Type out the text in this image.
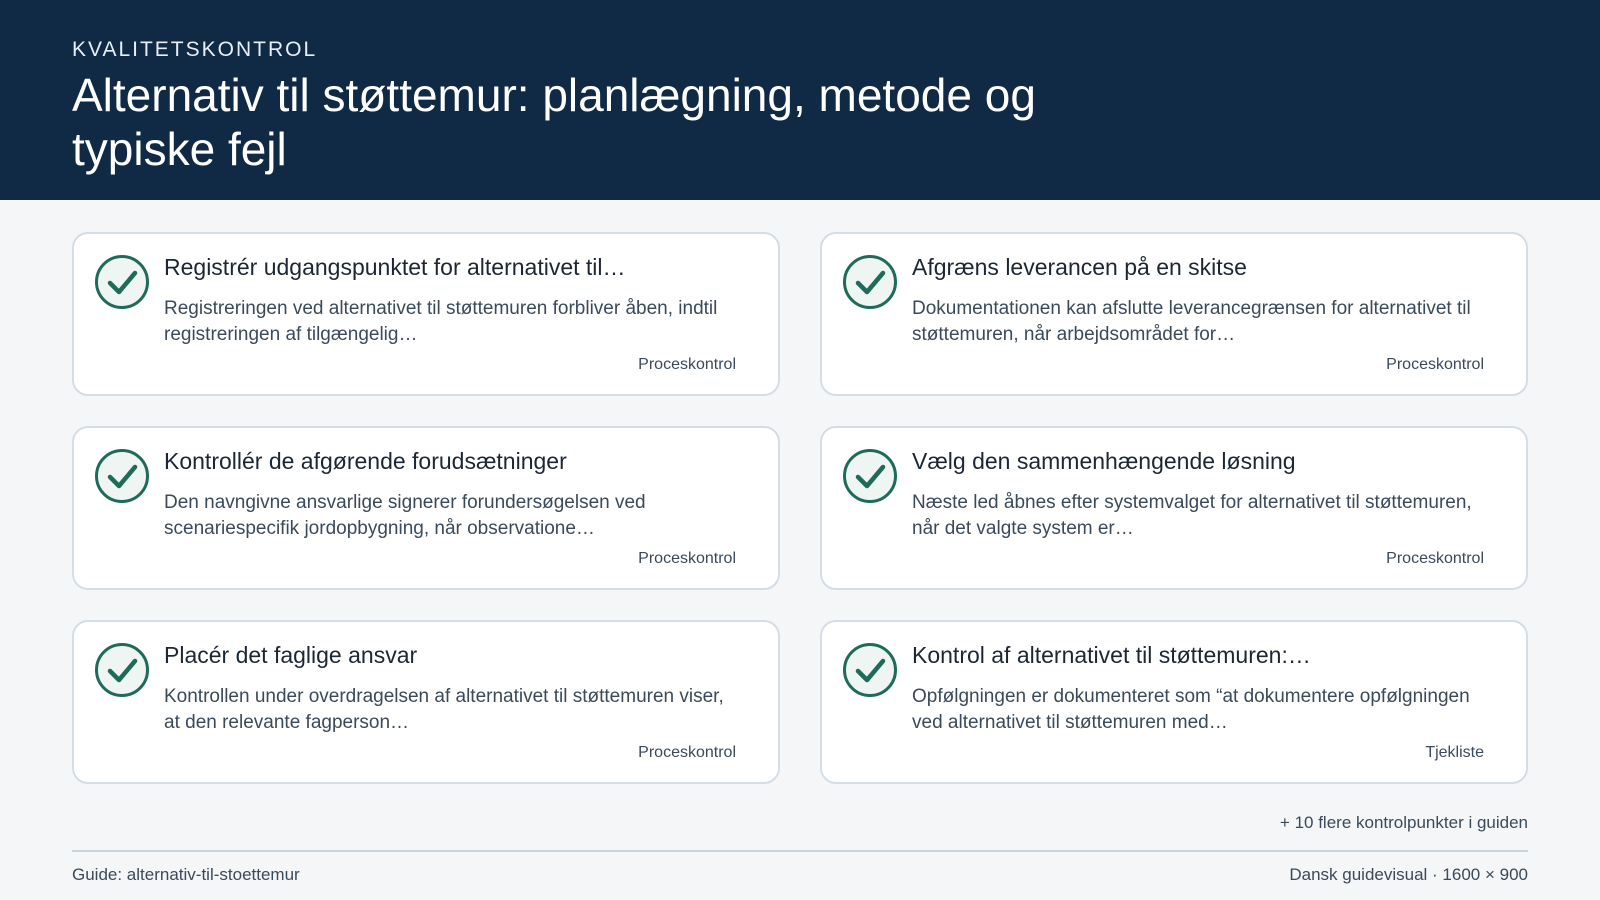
KVALITETSKONTROL
Alternativ til støttemur: planlægning, metode og typiske fejl
Registrér udgangspunktet for alternativet til…
Registreringen ved alternativet til støttemuren forbliver åben, indtil registreringen af tilgængelig…
Proceskontrol
Afgræns leverancen på en skitse
Dokumentationen kan afslutte leverancegrænsen for alternativet til støttemuren, når arbejdsområdet for…
Proceskontrol
Kontrollér de afgørende forudsætninger
Den navngivne ansvarlige signerer forundersøgelsen ved scenariespecifik jordopbygning, når observatione…
Proceskontrol
Vælg den sammenhængende løsning
Næste led åbnes efter systemvalget for alternativet til støttemuren, når det valgte system er…
Proceskontrol
Placér det faglige ansvar
Kontrollen under overdragelsen af alternativet til støttemuren viser, at den relevante fagperson…
Proceskontrol
Kontrol af alternativet til støttemuren:…
Opfølgningen er dokumenteret som “at dokumentere opfølgningen ved alternativet til støttemuren med…
Tjekliste
+ 10 flere kontrolpunkter i guiden
Guide: alternativ-til-stoettemur	Dansk guidevisual · 1600 × 900
